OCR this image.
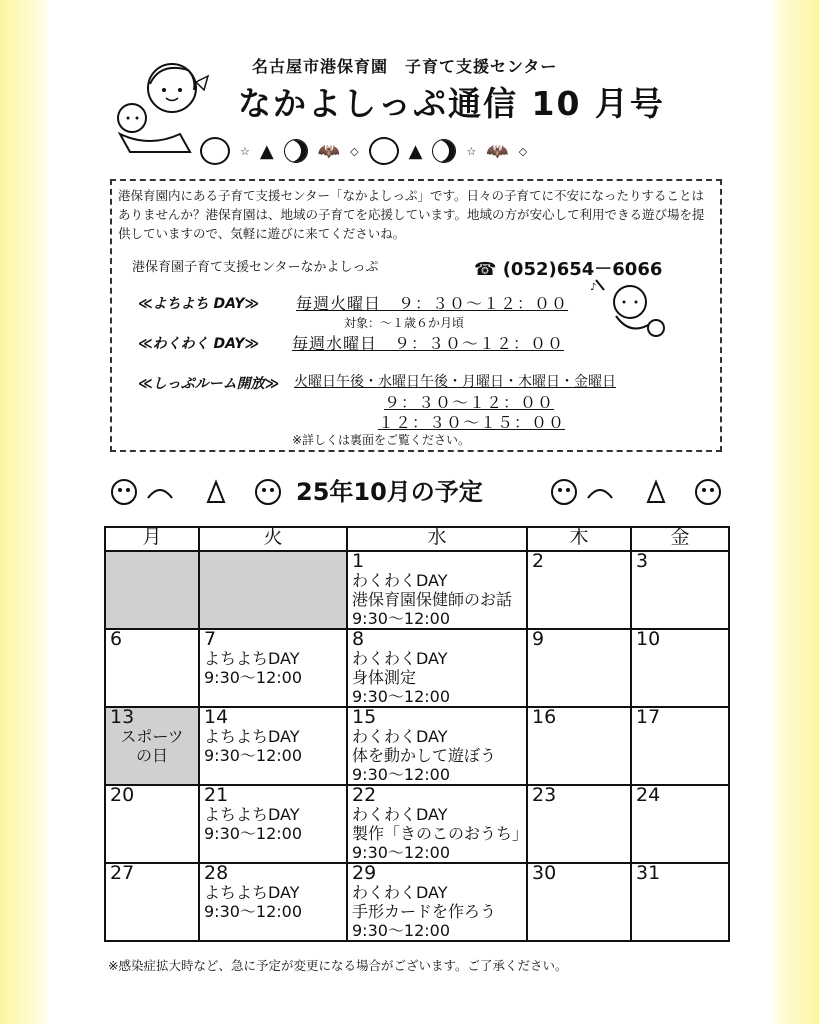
名古屋市港保育園　子育て支援センター
なかよしっぷ通信 10 月号
☆ ▲ 🦇 ◇	▲	☆ 🦇 ◇
港保育園内にある子育て支援センター「なかよしっぷ」です。日々の子育てに不安になったりすることはありませんか？港保育園は、地域の子育てを応援しています。地域の方が安心して利用できる遊び場を提供していますので、気軽に遊びに来てくださいね。
港保育園子育て支援センターなかよしっぷ	☎ (052)654－6066
≪よちよち DAY≫ 毎週火曜日　９：３０～１２：００
対象：～１歳６か月頃
≪わくわく DAY≫ 毎週水曜日　９：３０～１２：００
♪
≪しっぷルーム開放≫ 火曜日午後・水曜日午後・月曜日・木曜日・金曜日
９：３０～１２：００
１２：３０～１５：００
※詳しくは裏面をご覧ください。
25年10月の予定
月	火	水	木	金

		1
わくわくDAY
港保育園保健師のお話
9:30～12:00	2	3

6	7
よちよちDAY
9:30～12:00	8
わくわくDAY
身体測定
9:30～12:00	9	10

13
スポーツ
の日	14
よちよちDAY
9:30～12:00	15
わくわくDAY
体を動かして遊ぼう
9:30～12:00	16	17

20	21
よちよちDAY
9:30～12:00	22
わくわくDAY
製作「きのこのおうち」
9:30～12:00	23	24

27	28
よちよちDAY
9:30～12:00	29
わくわくDAY
手形カードを作ろう
9:30～12:00	30	31
※感染症拡大時など、急に予定が変更になる場合がございます。ご了承ください。
